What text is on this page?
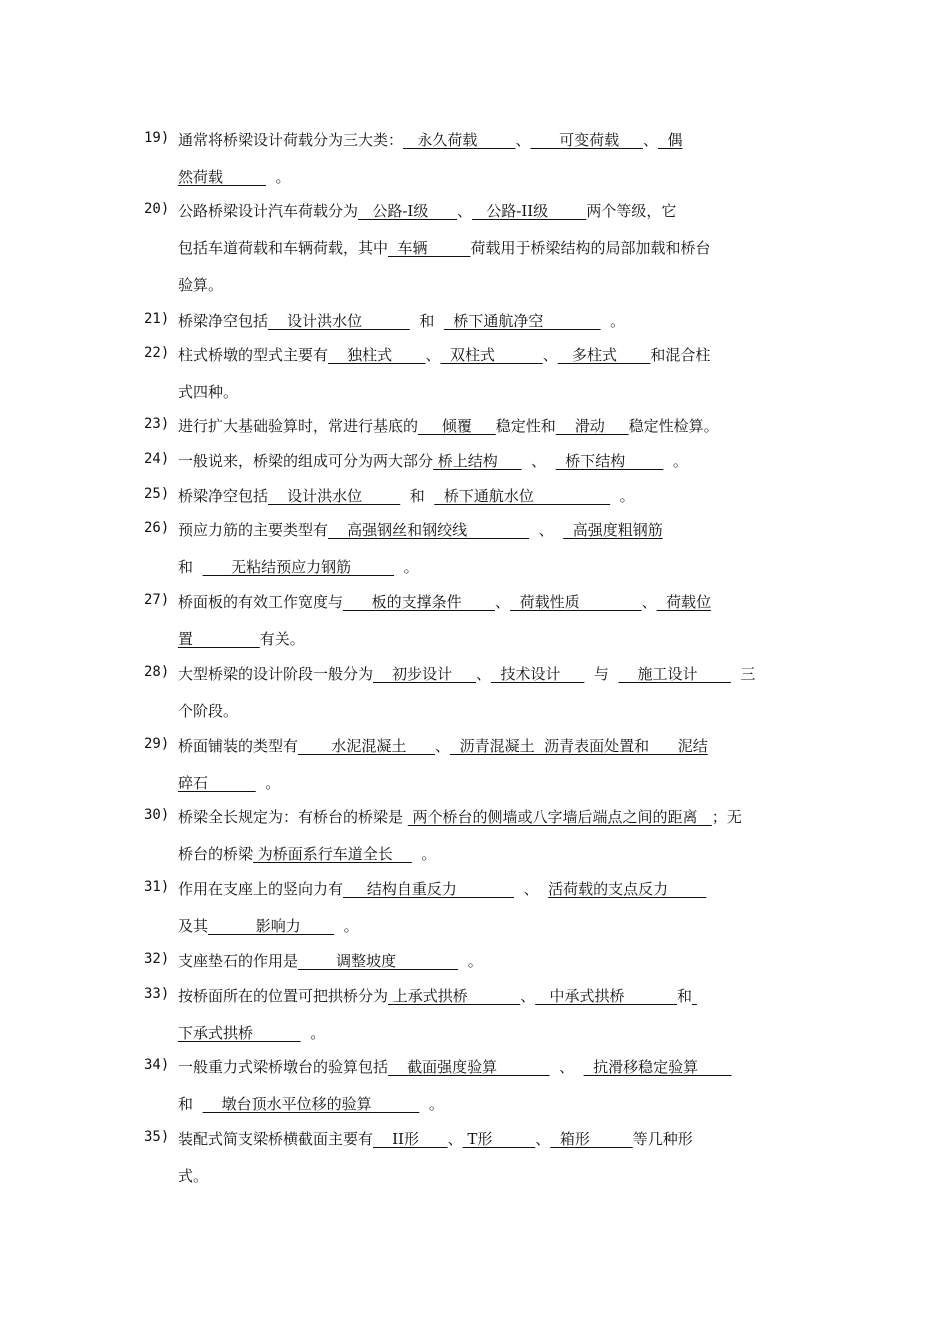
19) 通常将桥梁设计荷载分为三大类：   永久荷载        、      可变荷载     、  偶
然荷载           。
20) 公路桥梁设计汽车荷载分为   公路-I级      、   公路-II级        两个等级，它
包括车道荷载和车辆荷载，其中  车辆         荷载用于桥梁结构的局部加载和桥台
验算。
21) 桥梁净空包括    设计洪水位            和    桥下通航净空              。
22) 柱式桥墩的型式主要有    独柱式       、  双柱式          、   多柱式       和混合柱
式四种。
23) 进行扩大基础验算时，常进行基底的     倾覆     稳定性和    滑动     稳定性检算。
24) 一般说来，桥梁的组成可分为两大部分 桥上结构       、    桥下结构          。
25) 桥梁净空包括    设计洪水位          和    桥下通航水位                  。
26) 预应力筋的主要类型有    高强钢丝和钢绞线               、    高强度粗钢筋
和        无粘结预应力钢筋           。
27) 桥面板的有效工作宽度与      板的支撑条件       、  荷载性质             、  荷载位
置              有关。
28) 大型桥梁的设计阶段一般分为    初步设计     、  技术设计       与      施工设计         三
个阶段。
29) 桥面铺装的类型有       水泥混凝土      、  沥青混凝土  沥青表面处置和      泥结
碎石            。
30) 桥梁全长规定为：有桥台的桥梁是  两个桥台的侧墙或八字墙后端点之间的距离   ；无
桥台的桥梁 为桥面系行车道全长      。
31) 作用在支座上的竖向力有     结构自重反力              、  活荷载的支点反力
及其          影响力         。
32) 支座垫石的作用是        调整坡度               。
33) 按桥面所在的位置可把拱桥分为 上承式拱桥           、   中承式拱桥           和
下承式拱桥            。
34) 一般重力式梁桥墩台的验算包括    截面强度验算             、    抗滑移稳定验算
和      墩台顶水平位移的验算            。
35) 装配式简支梁桥横截面主要有    II形      、 T形         、  箱形         等几种形
式。
